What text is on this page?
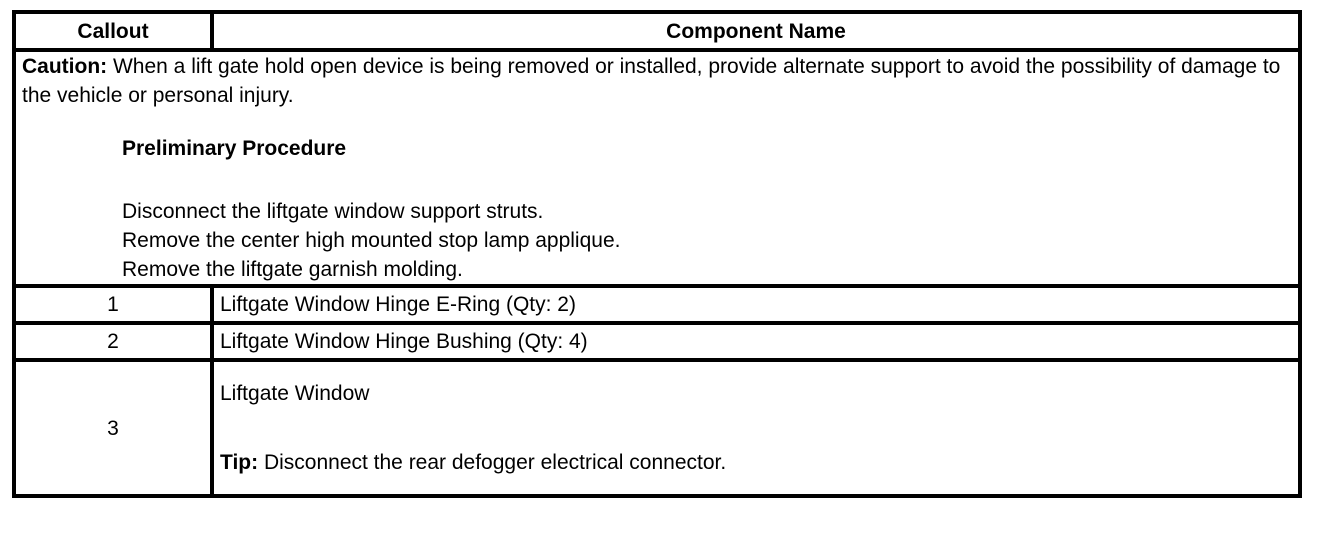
Callout	Component Name

Caution: When a lift gate hold open device is being removed or installed, provide alternate support to avoid the possibility of damage to the vehicle or personal injury.
Preliminary Procedure
Disconnect the liftgate window support struts.
Remove the center high mounted stop lamp applique.
Remove the liftgate garnish molding.	

1	Liftgate Window Hinge E-Ring (Qty: 2)
2	Liftgate Window Hinge Bushing (Qty: 4)
3	Liftgate Window
Tip: Disconnect the rear defogger electrical connector.
